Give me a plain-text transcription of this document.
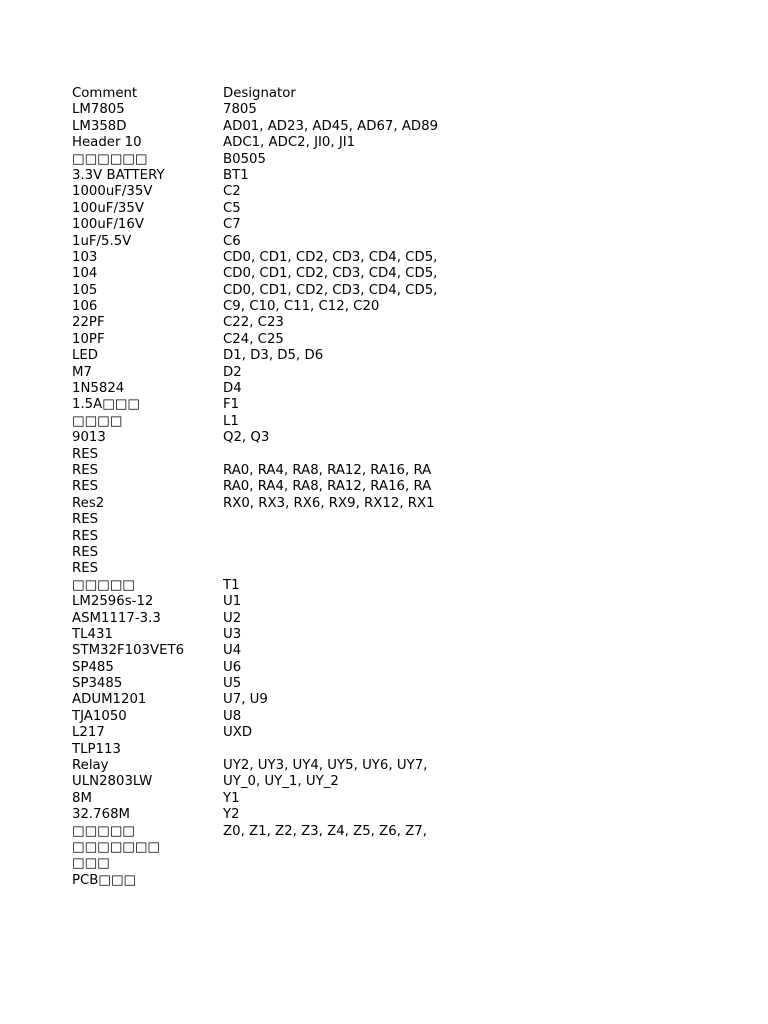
Comment	Designator
LM7805	7805
LM358D	AD01, AD23, AD45, AD67, AD89
Header 10	ADC1, ADC2, JI0, JI1
□□□□□□	B0505
3.3V BATTERY	BT1
1000uF/35V	C2
100uF/35V	C5
100uF/16V	C7
1uF/5.5V	C6
103	CD0, CD1, CD2, CD3, CD4, CD5,
104	CD0, CD1, CD2, CD3, CD4, CD5,
105	CD0, CD1, CD2, CD3, CD4, CD5,
106	C9, C10, C11, C12, C20
22PF	C22, C23
10PF	C24, C25
LED	D1, D3, D5, D6
M7	D2
1N5824	D4
1.5A□□□	F1
□□□□	L1
9013	Q2, Q3
RES
RES	RA0, RA4, RA8, RA12, RA16, RA
RES	RA0, RA4, RA8, RA12, RA16, RA
Res2	RX0, RX3, RX6, RX9, RX12, RX1
RES
RES
RES
RES
□□□□□	T1
LM2596s-12	U1
ASM1117-3.3	U2
TL431	U3
STM32F103VET6	U4
SP485	U6
SP3485	U5
ADUM1201	U7, U9
TJA1050	U8
L217	UXD
TLP113
Relay	UY2, UY3, UY4, UY5, UY6, UY7,
ULN2803LW	UY_0, UY_1, UY_2
8M	Y1
32.768M	Y2
□□□□□	Z0, Z1, Z2, Z3, Z4, Z5, Z6, Z7,
□□□□□□□
□□□
PCB□□□
